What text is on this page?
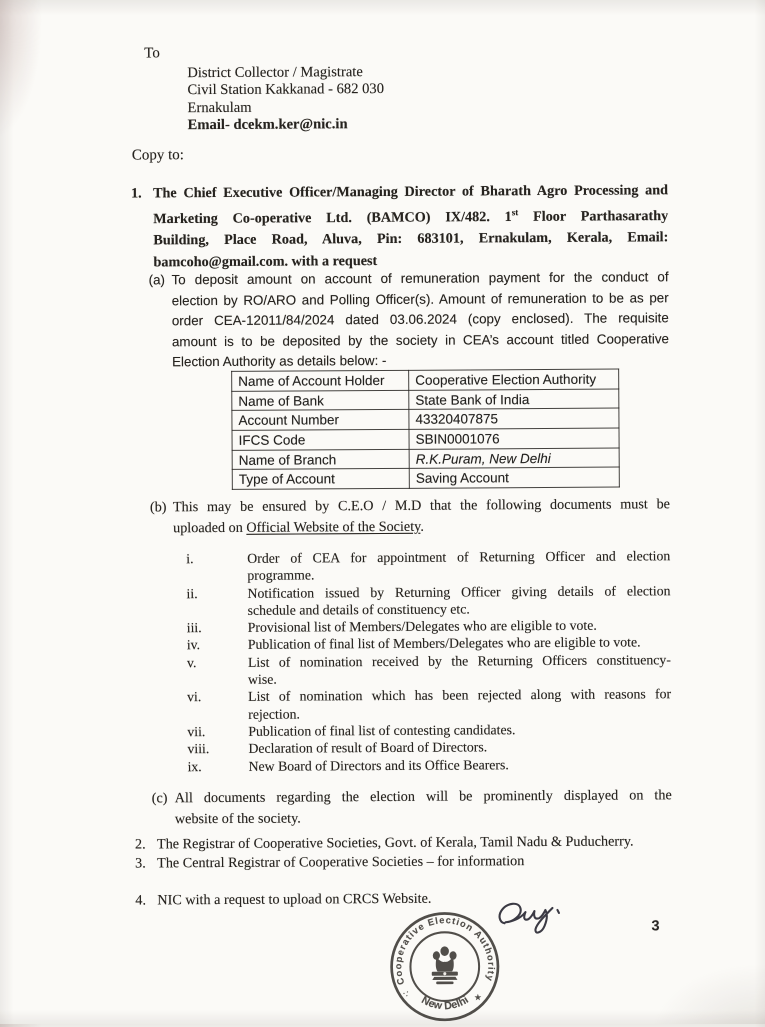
To
District Collector / Magistrate
Civil Station Kakkanad - 682 030
Ernakulam
Email- dcekm.ker@nic.in
Copy to:
1. The Chief Executive Officer/Managing Director of Bharath Agro Processing and
Marketing Co-operative Ltd. (BAMCO) IX/482. 1st Floor Parthasarathy
Building, Place Road, Aluva, Pin: 683101, Ernakulam, Kerala, Email:
bamcoho@gmail.com. with a request
(a) To deposit amount on account of remuneration payment for the conduct of
election by RO/ARO and Polling Officer(s). Amount of remuneration to be as per
order CEA-12011/84/2024 dated 03.06.2024 (copy enclosed). The requisite
amount is to be deposited by the society in CEA’s account titled Cooperative
Election Authority as details below: -
Name of Account Holder	Cooperative Election Authority
Name of Bank	State Bank of India
Account Number	43320407875
IFCS Code	SBIN0001076
Name of Branch	R.K.Puram, New Delhi
Type of Account	Saving Account
(b) This may be ensured by C.E.O / M.D that the following documents must be
uploaded on Official Website of the Society.
i.	Order of CEA for appointment of Returning Officer and election
programme.
ii.	Notification issued by Returning Officer giving details of election
schedule and details of constituency etc.
iii.	Provisional list of Members/Delegates who are eligible to vote.
iv.	Publication of final list of Members/Delegates who are eligible to vote.
v.	List of nomination received by the Returning Officers constituency-
wise.
vi.	List of nomination which has been rejected along with reasons for
rejection.
vii.	Publication of final list of contesting candidates.
viii.	Declaration of result of Board of Directors.
ix.	New Board of Directors and its Office Bearers.
(c) All documents regarding the election will be prominently displayed on the
website of the society.
2. The Registrar of Cooperative Societies, Govt. of Kerala, Tamil Nadu & Puducherry.
3. The Central Registrar of Cooperative Societies – for information
4. NIC with a request to upload on CRCS Website.
Cooperative Election Authority
New Delhi
∴	★
3
